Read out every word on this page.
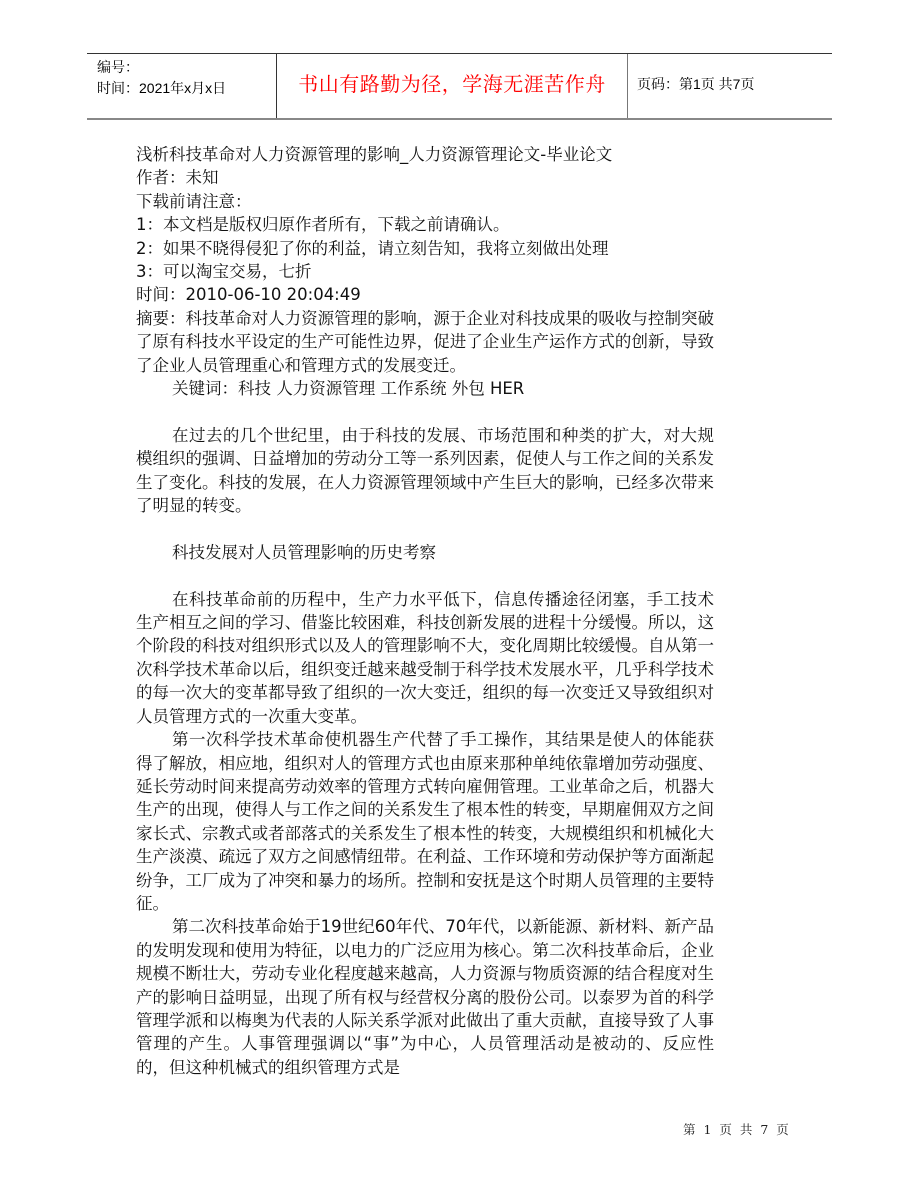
编号：
时间：2021年x月x日	书山有路勤为径，学海无涯苦作舟 页码：第1页 共7页

浅析科技革命对人力资源管理的影响_人力资源管理论文-毕业论文

作者：未知

下载前请注意：

1：本文档是版权归原作者所有，下载之前请确认。

2：如果不晓得侵犯了你的利益，请立刻告知，我将立刻做出处理

3：可以淘宝交易，七折

时间：2010-06-10 20:04:49

摘要：科技革命对人力资源管理的影响，源于企业对科技成果的吸收与控制突破了原有科技水平设定的生产可能性边界，促进了企业生产运作方式的创新，导致了企业人员管理重心和管理方式的发展变迁。

关键词：科技 人力资源管理 工作系统 外包 HER

在过去的几个世纪里，由于科技的发展、市场范围和种类的扩大，对大规模组织的强调、日益增加的劳动分工等一系列因素，促使人与工作之间的关系发生了变化。科技的发展，在人力资源管理领域中产生巨大的影响，已经多次带来了明显的转变。

科技发展对人员管理影响的历史考察

在科技革命前的历程中，生产力水平低下，信息传播途径闭塞，手工技术生产相互之间的学习、借鉴比较困难，科技创新发展的进程十分缓慢。所以，这个阶段的科技对组织形式以及人的管理影响不大，变化周期比较缓慢。自从第一次科学技术革命以后，组织变迁越来越受制于科学技术发展水平，几乎科学技术的每一次大的变革都导致了组织的一次大变迁，组织的每一次变迁又导致组织对人员管理方式的一次重大变革。

第一次科学技术革命使机器生产代替了手工操作，其结果是使人的体能获得了解放，相应地，组织对人的管理方式也由原来那种单纯依靠增加劳动强度、延长劳动时间来提高劳动效率的管理方式转向雇佣管理。工业革命之后，机器大生产的出现，使得人与工作之间的关系发生了根本性的转变，早期雇佣双方之间家长式、宗教式或者部落式的关系发生了根本性的转变，大规模组织和机械化大生产淡漠、疏远了双方之间感情纽带。在利益、工作环境和劳动保护等方面渐起纷争，工厂成为了冲突和暴力的场所。控制和安抚是这个时期人员管理的主要特征。

第二次科技革命始于19世纪60年代、70年代，以新能源、新材料、新产品的发明发现和使用为特征，以电力的广泛应用为核心。第二次科技革命后，企业规模不断壮大，劳动专业化程度越来越高，人力资源与物质资源的结合程度对生产的影响日益明显，出现了所有权与经营权分离的股份公司。以泰罗为首的科学管理学派和以梅奥为代表的人际关系学派对此做出了重大贡献，直接导致了人事管理的产生。人事管理强调以“事”为中心，人员管理活动是被动的、反应性的，但这种机械式的组织管理方式是

第 1 页 共 7 页
